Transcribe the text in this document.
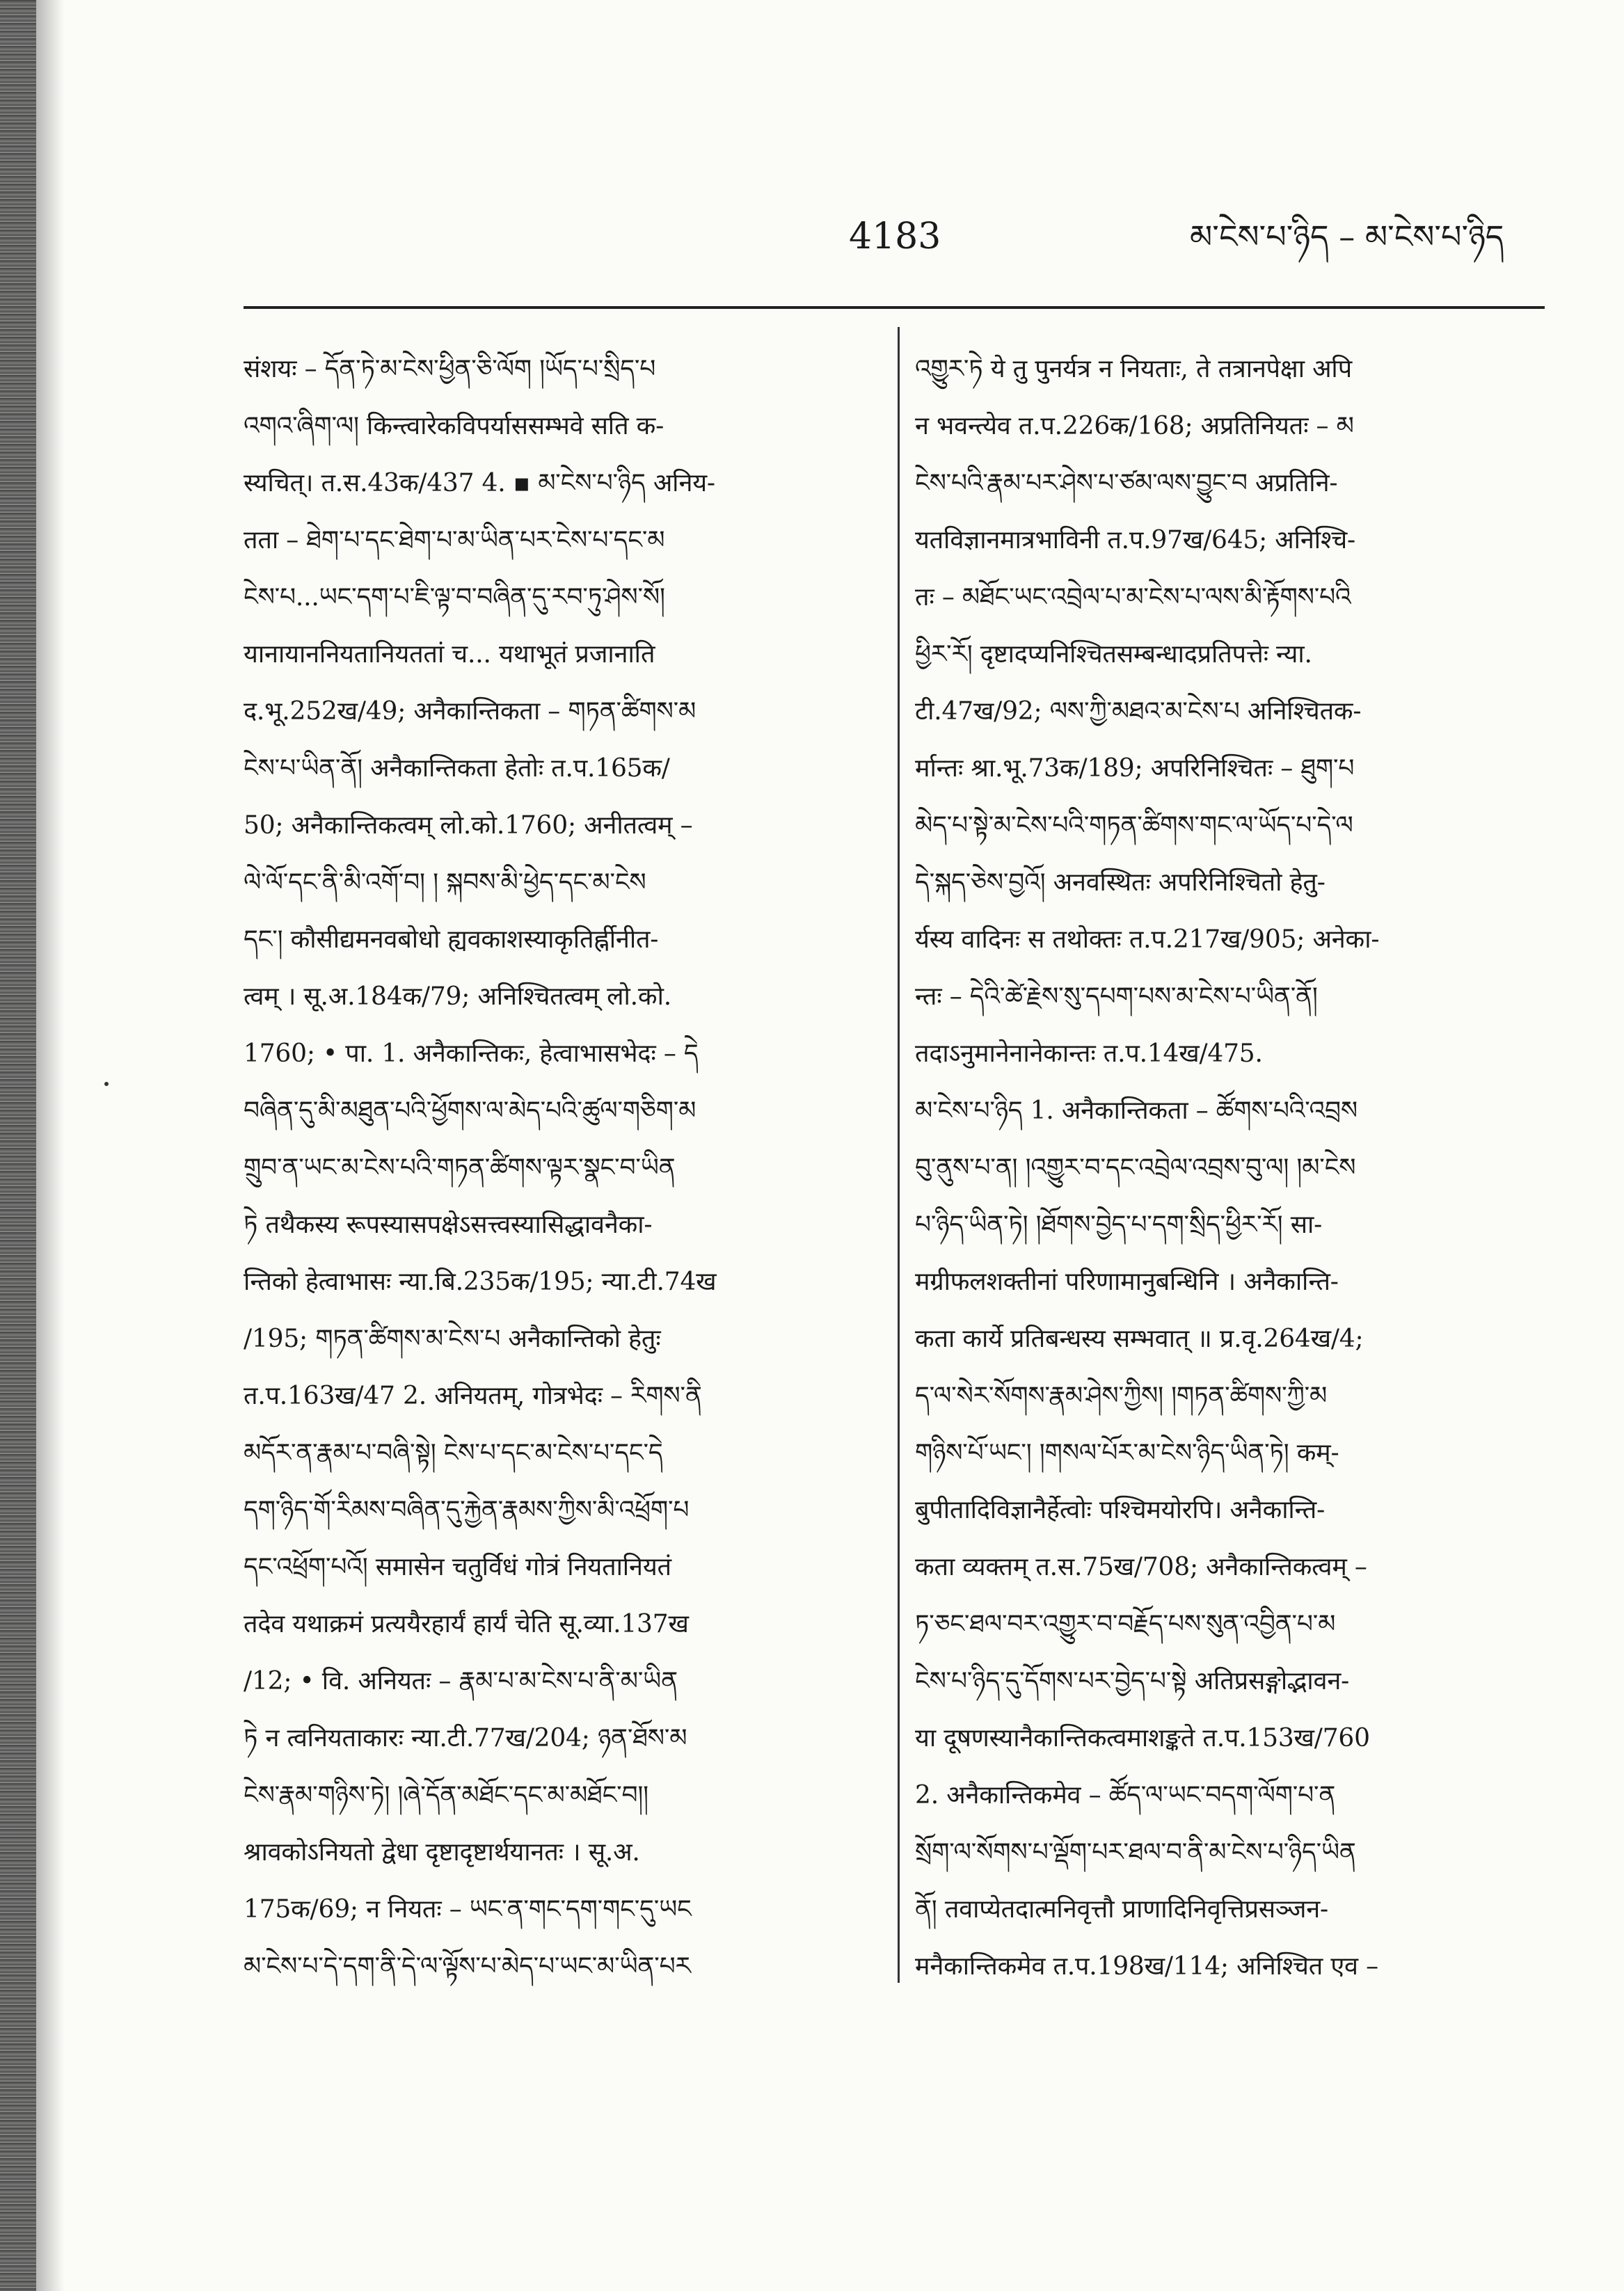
4183	མ་ངེས་པ་ཉིད – མ་ངེས་པ་ཉིད
संशयः – དོན་ཏེ་མ་ངེས་ཕྱིན་ཅི་ལོག །ཡོད་པ་སྲིད་པ
འགའ་ཞིག་ལ། किन्त्वारेकविपर्याससम्भवे सति क-
स्यचित्। त.स.43क/437 4. ▪ མ་ངེས་པ་ཉིད अनिय-
तता – ཐེག་པ་དང་ཐེག་པ་མ་ཡིན་པར་ངེས་པ་དང་མ
ངེས་པ...ཡང་དག་པ་ཇི་ལྟ་བ་བཞིན་དུ་རབ་ཏུ་ཤེས་སོ།
यानायाननियतानियततां च... यथाभूतं प्रजानाति
द.भू.252ख/49; अनैकान्तिकता – གཏན་ཚིགས་མ
ངེས་པ་ཡིན་ནོ། अनैकान्तिकता हेतोः त.प.165क/
50; अनैकान्तिकत्वम् लो.को.1760; अनीतत्वम् –
ལེ་ལོ་དང་ནི་མི་འགོ་བ། ། སྐབས་མི་ཕྱེད་དང་མ་ངེས
དང་། कौसीद्यमनवबोधो ह्यवकाशस्याकृतिर्ह्नीनीत-
त्वम् । सू.अ.184क/79; अनिश्चितत्वम् लो.को.
1760; • पा. 1. अनैकान्तिकः, हेत्वाभासभेदः – དེ
བཞིན་དུ་མི་མཐུན་པའི་ཕྱོགས་ལ་མེད་པའི་ཚུལ་གཅིག་མ
གྲུབ་ན་ཡང་མ་ངེས་པའི་གཏན་ཚིགས་ལྟར་སྣང་བ་ཡིན
ཏེ तथैकस्य रूपस्यासपक्षेऽसत्त्वस्यासिद्धावनैका-
न्तिको हेत्वाभासः न्या.बि.235क/195; न्या.टी.74ख
/195; གཏན་ཚིགས་མ་ངེས་པ अनैकान्तिको हेतुः
त.प.163ख/47 2. अनियतम्, गोत्रभेदः – རིགས་ནི
མདོར་ན་རྣམ་པ་བཞི་སྟེ། ངེས་པ་དང་མ་ངེས་པ་དང་དེ
དག་ཉིད་གོ་རིམས་བཞིན་དུ་རྐྱེན་རྣམས་ཀྱིས་མི་འཕྲོག་པ
དང་འཕྲོག་པའོ། समासेन चतुर्विधं गोत्रं नियतानियतं
तदेव यथाक्रमं प्रत्ययैरहार्यं हार्यं चेति सू.व्या.137ख
/12; • वि. अनियतः – རྣམ་པ་མ་ངེས་པ་ནི་མ་ཡིན
ཏེ न त्वनियताकारः न्या.टी.77ख/204; ཉན་ཐོས་མ
ངེས་རྣམ་གཉིས་ཏེ། །ཞེ་དོན་མཐོང་དང་མ་མཐོང་བ།།
श्रावकोऽनियतो द्वेधा दृष्टादृष्टार्थयानतः । सू.अ.
175क/69; न नियतः – ཡང་ན་གང་དག་གང་དུ་ཡང
མ་ངེས་པ་དེ་དག་ནི་དེ་ལ་ལྟོས་པ་མེད་པ་ཡང་མ་ཡིན་པར
འགྱུར་ཏེ ये तु पुनर्यत्र न नियताः, ते तत्रानपेक्षा अपि
न भवन्त्येव त.प.226क/168; अप्रतिनियतः – མ
ངེས་པའི་རྣམ་པར་ཤེས་པ་ཙམ་ལས་བྱུང་བ अप्रतिनि-
यतविज्ञानमात्रभाविनी त.प.97ख/645; अनिश्चि-
तः – མཐོང་ཡང་འབྲེལ་པ་མ་ངེས་པ་ལས་མི་རྟོགས་པའི
ཕྱིར་རོ། दृष्टादप्यनिश्चितसम्बन्धादप्रतिपत्तेः न्या.
टी.47ख/92; ལས་ཀྱི་མཐའ་མ་ངེས་པ अनिश्चितक-
र्मान्तः श्रा.भू.73क/189; अपरिनिश्चितः – ཐུག་པ
མེད་པ་སྟེ་མ་ངེས་པའི་གཏན་ཚིགས་གང་ལ་ཡོད་པ་དེ་ལ
དེ་སྐད་ཅེས་བྱའོ། अनवस्थितः अपरिनिश्चितो हेतु-
र्यस्य वादिनः स तथोक्तः त.प.217ख/905; अनेका-
न्तः – དེའི་ཚེ་རྗེས་སུ་དཔག་པས་མ་ངེས་པ་ཡིན་ནོ།
तदाऽनुमानेनानेकान्तः त.प.14ख/475.
མ་ངེས་པ་ཉིད 1. अनैकान्तिकता – ཚོགས་པའི་འབྲས
བུ་ནུས་པ་ན། །འགྱུར་བ་དང་འབྲེལ་འབྲས་བུ་ལ། །མ་ངེས
པ་ཉིད་ཡིན་ཏེ། །ཐོགས་བྱེད་པ་དག་སྲིད་ཕྱིར་རོ། सा-
मग्रीफलशक्तीनां परिणामानुबन्धिनि । अनैकान्ति-
कता कार्ये प्रतिबन्धस्य सम्भवात् ॥ प्र.वृ.264ख/4;
ད་ལ་སེར་སོགས་རྣམ་ཤེས་ཀྱིས། །གཏན་ཚིགས་ཀྱི་མ
གཉིས་པོ་ཡང་། །གསལ་པོར་མ་ངེས་ཉིད་ཡིན་ཏེ། कम्-
बुपीतादिविज्ञानैर्हेत्वोः पश्चिमयोरपि। अनैकान्ति-
कता व्यक्तम् त.स.75ख/708; अनैकान्तिकत्वम् –
ཏ་ཅང་ཐལ་བར་འགྱུར་བ་བརྗོད་པས་སུན་འབྱིན་པ་མ
ངེས་པ་ཉིད་དུ་དོགས་པར་བྱེད་པ་སྟེ अतिप्रसङ्गोद्भावन-
या दूषणस्यानैकान्तिकत्वमाशङ्कते त.प.153ख/760
2. अनैकान्तिकमेव – ཚོད་ལ་ཡང་བདག་ལོག་པ་ན
སྲོག་ལ་སོགས་པ་ལྡོག་པར་ཐལ་བ་ནི་མ་ངེས་པ་ཉིད་ཡིན
ནོ། तवाप्येतदात्मनिवृत्तौ प्राणादिनिवृत्तिप्रसञ्जन-
मनैकान्तिकमेव त.प.198ख/114; अनिश्चित एव –
